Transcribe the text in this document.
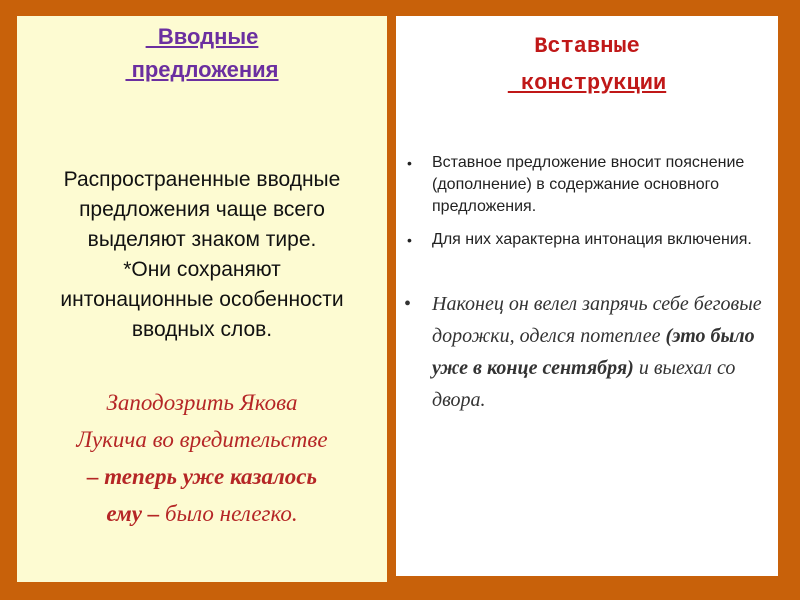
Вводные
предложения
Распространенные вводные
предложения чаще всего
выделяют знаком тире.
*Они сохраняют
интонационные особенности
вводных слов.
Заподозрить Якова
Лукича во вредительстве
– теперь уже казалось
ему – было нелегко.
Вставные
конструкции
• Вставное предложение вносит пояснение (дополнение) в содержание основного предложения.
• Для них характерна интонация включения.
• Наконец он велел запрячь себе беговые дорожки, оделся потеплее (это было уже в конце сентября) и выехал со двора.
